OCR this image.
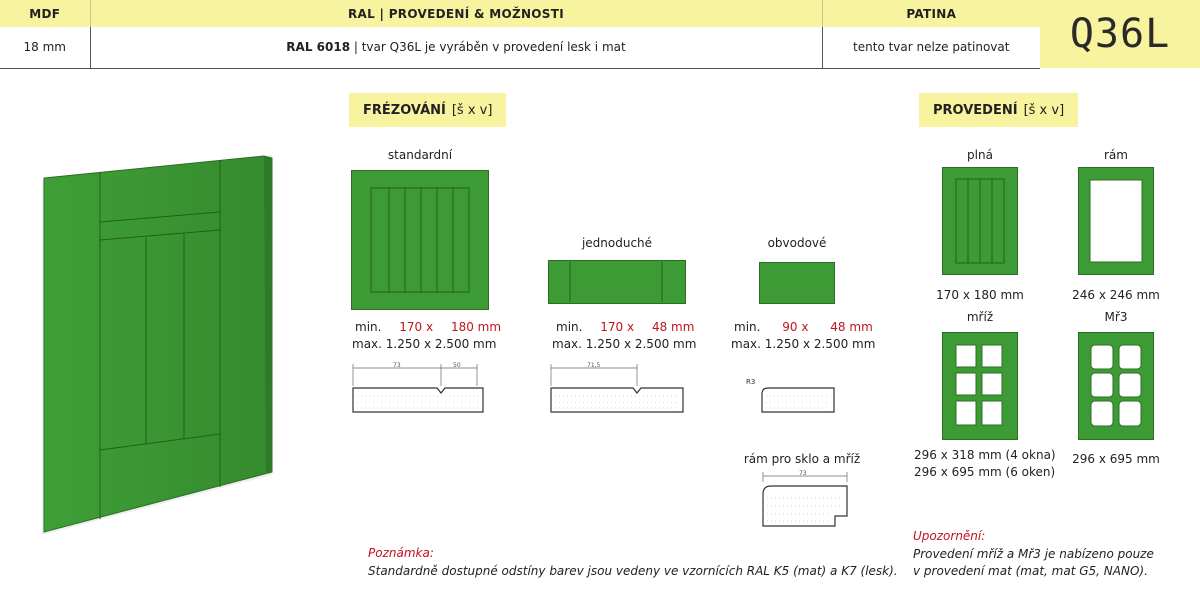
MDF	RAL | PROVEDENÍ & MOŽNOSTI	PATINA
18 mm	RAL 6018 | tvar Q36L je vyráběn v provedení lesk i mat	tento tvar nelze patinovat	Q36L
FRÉZOVÁNÍ [š x v]
standardní
min. 170 x 180 mm
max. 1.250 x 2.500 mm
73	50
jednoduché
min. 170 x 48 mm
max. 1.250 x 2.500 mm
71,5
obvodové
min. 90 x 48 mm
max. 1.250 x 2.500 mm
R3
rám pro sklo a mříž
73
PROVEDENÍ [š x v]
plná
170 x 180 mm
rám
246 x 246 mm
mříž
296 x 318 mm (4 okna)
296 x 695 mm (6 oken)
Mř3
296 x 695 mm
Poznámka:
Standardně dostupné odstíny barev jsou vedeny ve vzornících RAL K5 (mat) a K7 (lesk).
Upozornění:
Provedení mříž a Mř3 je nabízeno pouze
v provedení mat (mat, mat G5, NANO).
